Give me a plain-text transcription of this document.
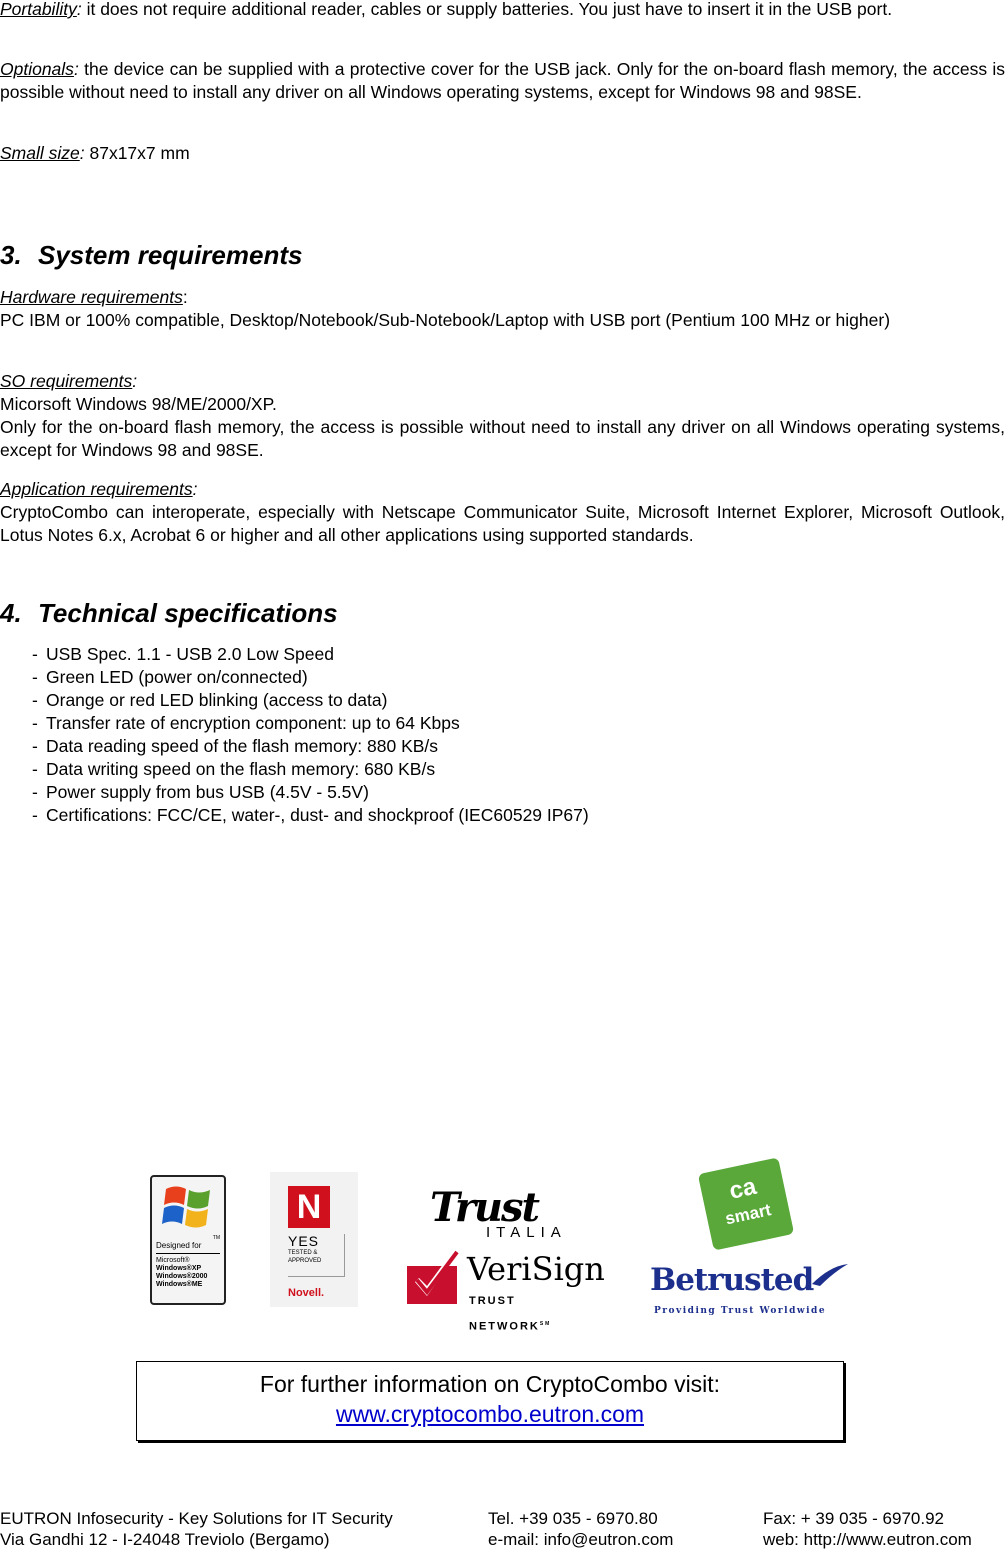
Portability: it does not require additional reader, cables or supply batteries. You just have to insert it in the USB port.
Optionals: the device can be supplied with a protective cover for the USB jack. Only for the on-board flash memory, the access is possible without need to install any driver on all Windows operating systems, except for Windows 98 and 98SE.
Small size: 87x17x7 mm
3. System requirements
Hardware requirements:
PC IBM or 100% compatible, Desktop/Notebook/Sub-Notebook/Laptop with USB port (Pentium 100 MHz or higher)
SO requirements:
Micorsoft Windows 98/ME/2000/XP.
Only for the on-board flash memory, the access is possible without need to install any driver on all Windows operating systems, except for Windows 98 and 98SE.
Application requirements:
CryptoCombo can interoperate, especially with Netscape Communicator Suite, Microsoft Internet Explorer, Microsoft Outlook, Lotus Notes 6.x, Acrobat 6 or higher and all other applications using supported standards.
4. Technical specifications
- USB Spec. 1.1 - USB 2.0 Low Speed
- Green LED (power on/connected)
- Orange or red LED blinking (access to data)
- Transfer rate of encryption component: up to 64 Kbps
- Data reading speed of the flash memory: 880 KB/s
- Data writing speed on the flash memory: 680 KB/s
- Power supply from bus USB (4.5V - 5.5V)
- Certifications: FCC/CE, water-, dust- and shockproof (IEC60529 IP67)
TM
Designed for
Microsoft®
Windows®XP
Windows®2000
Windows®ME
N
YES
TESTED &
APPROVED
Novell.
Trust
ITALIA
VeriSign
TRUST NETWORK℠
ca
smart
Betrusted
Providing Trust Worldwide
For further information on CryptoCombo visit:
www.cryptocombo.eutron.com
EUTRON Infosecurity - Key Solutions for IT Security
Via Gandhi 12 - I-24048 Treviolo (Bergamo)
Tel. +39 035 - 6970.80
e-mail: info@eutron.com
Fax: + 39 035 - 6970.92
web: http://www.eutron.com
